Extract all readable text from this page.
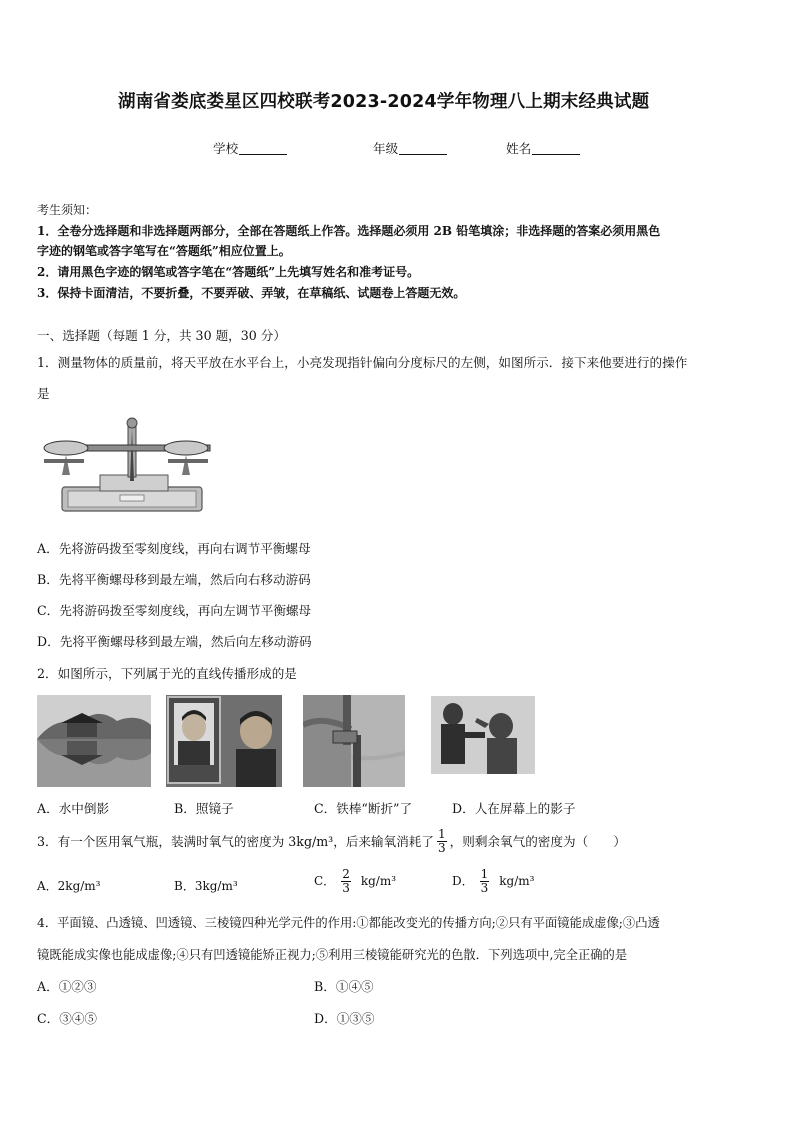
湖南省娄底娄星区四校联考2023-2024学年物理八上期末经典试题
学校	年级	姓名
考生须知：
1．全卷分选择题和非选择题两部分，全部在答题纸上作答。选择题必须用 2B 铅笔填涂；非选择题的答案必须用黑色
字迹的钢笔或答字笔写在“答题纸”相应位置上。
2．请用黑色字迹的钢笔或答字笔在“答题纸”上先填写姓名和准考证号。
3．保持卡面清洁，不要折叠，不要弄破、弄皱，在草稿纸、试题卷上答题无效。
一、选择题（每题 1 分，共 30 题，30 分）
1．测量物体的质量前，将天平放在水平台上，小亮发现指针偏向分度标尺的左侧，如图所示．接下来他要进行的操作
是
A．先将游码拨至零刻度线，再向右调节平衡螺母
B．先将平衡螺母移到最左端，然后向右移动游码
C．先将游码拨至零刻度线，再向左调节平衡螺母
D．先将平衡螺母移到最左端，然后向左移动游码
2．如图所示，下列属于光的直线传播形成的是
A．水中倒影	B．照镜子	C．铁棒“断折”了	D．人在屏幕上的影子
3．有一个医用氧气瓶，装满时氧气的密度为 3kg/m³，后来输氧消耗了 $\frac{1}{3}$ ，则剩余氧气的密度为（　　）
A．2kg/m³	B．3kg/m³	C． $\frac{2}{3} kg/m^3$	D． $\frac{1}{3} kg/m^3$
4．平面镜、凸透镜、凹透镜、三棱镜四种光学元件的作用:①都能改变光的传播方向;②只有平面镜能成虚像;③凸透
镜既能成实像也能成虚像;④只有凹透镜能矫正视力;⑤利用三棱镜能研究光的色散．下列选项中,完全正确的是
A．①②③	B．①④⑤
C．③④⑤	D．①③⑤
